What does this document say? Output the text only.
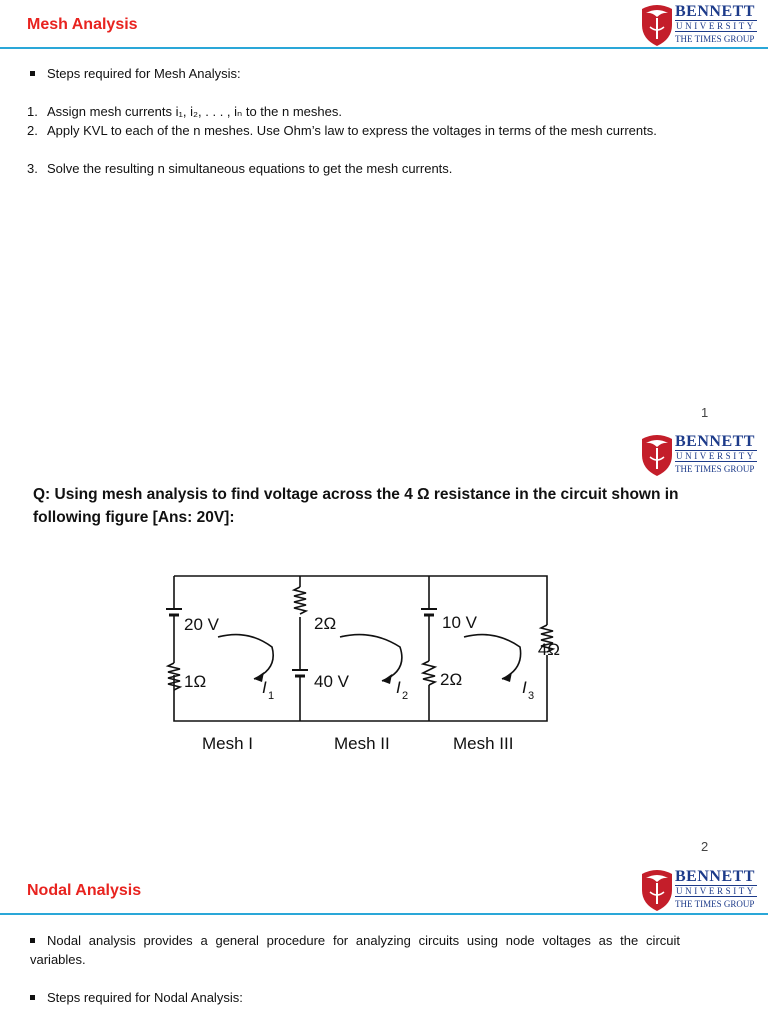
Mesh Analysis
BENNETT
UNIVERSITY
THE TIMES GROUP
Steps required for Mesh Analysis:
1. Assign mesh currents i₁, i₂, . . . , iₙ to the n meshes.
2. Apply KVL to each of the n meshes. Use Ohm’s law to express the voltages in terms of the mesh currents.
3. Solve the resulting n simultaneous equations to get the mesh currents.
1
BENNETT
UNIVERSITY
THE TIMES GROUP
Q: Using mesh analysis to find voltage across the 4 Ω resistance in the circuit shown in following figure [Ans: 20V]:
20 V
1Ω	I 1
2Ω
40 V	I 2
10 V
2Ω	I 3
4Ω
Mesh I	Mesh II	Mesh III
2
Nodal Analysis
BENNETT
UNIVERSITY
THE TIMES GROUP
Nodal analysis provides a general procedure for analyzing circuits using node voltages as the circuit variables.
Steps required for Nodal Analysis:
